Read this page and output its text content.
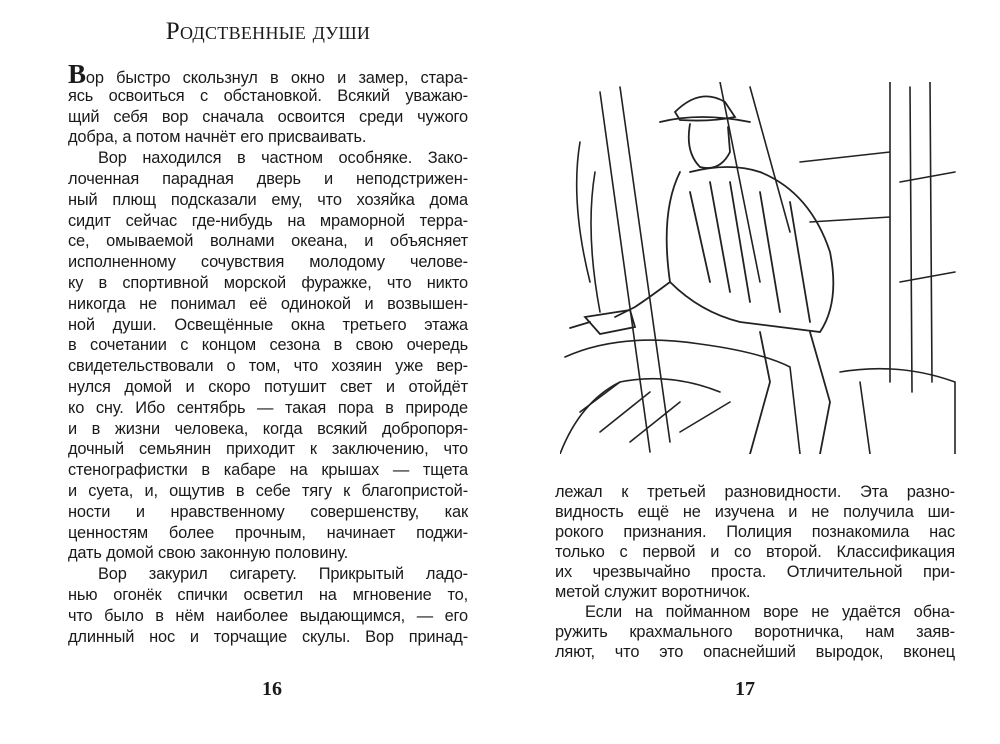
Родственные души
Вор быстро скользнул в окно и замер, стара-
ясь освоиться с обстановкой. Всякий уважаю-
щий себя вор сначала освоится среди чужого
добра, а потом начнёт его присваивать.
Вор находился в частном особняке. Зако-
лоченная парадная дверь и неподстрижен-
ный плющ подсказали ему, что хозяйка дома
сидит сейчас где-нибудь на мраморной терра-
се, омываемой волнами океана, и объясняет
исполненному сочувствия молодому челове-
ку в спортивной морской фуражке, что никто
никогда не понимал её одинокой и возвышен-
ной души. Освещённые окна третьего этажа
в сочетании с концом сезона в свою очередь
свидетельствовали о том, что хозяин уже вер-
нулся домой и скоро потушит свет и отойдёт
ко сну. Ибо сентябрь — такая пора в природе
и в жизни человека, когда всякий добропоря-
дочный семьянин приходит к заключению, что
стенографистки в кабаре на крышах — тщета
и суета, и, ощутив в себе тягу к благопристой-
ности и нравственному совершенству, как
ценностям более прочным, начинает поджи-
дать домой свою законную половину.
Вор закурил сигарету. Прикрытый ладо-
нью огонёк спички осветил на мгновение то,
что было в нём наиболее выдающимся, — его
длинный нос и торчащие скулы. Вор принад-
лежал к третьей разновидности. Эта разно-
видность ещё не изучена и не получила ши-
рокого признания. Полиция познакомила нас
только с первой и со второй. Классификация
их чрезвычайно проста. Отличительной при-
метой служит воротничок.
Если на пойманном воре не удаётся обна-
ружить крахмального воротничка, нам заяв-
ляют, что это опаснейший выродок, вконец
16	17
